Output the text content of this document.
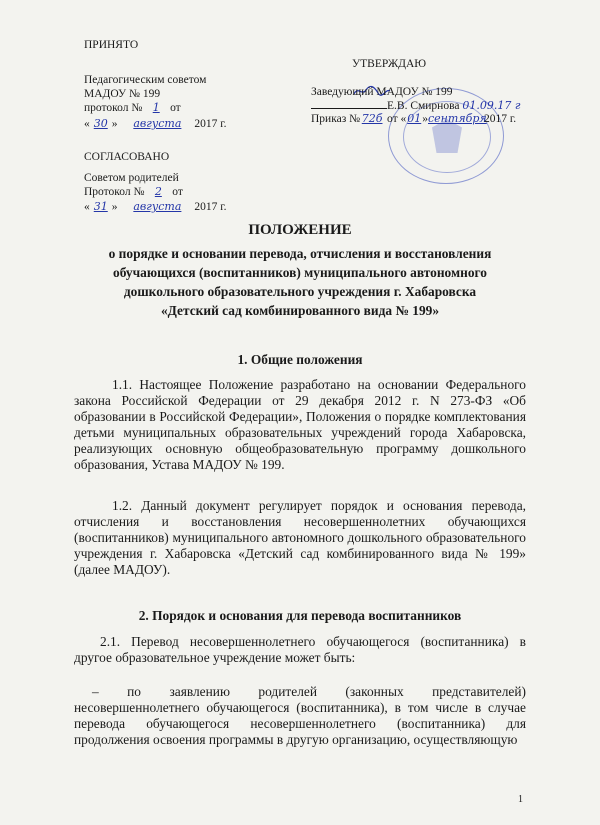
ПРИНЯТО
Педагогическим советом
МАДОУ № 199
протокол № 1 от
« 30 » августа 2017 г.
СОГЛАСОВАНО
Советом родителей
Протокол № 2 от
« 31 » августа 2017 г.
УТВЕРЖДАЮ
Заведующий МАДОУ № 199
Е.В. Смирнова 01.09.17 г
Приказ № 72б от «01»сентября2017 г.
ПОЛОЖЕНИЕ
о порядке и основании перевода, отчисления и восстановления
обучающихся (воспитанников) муниципального автономного
дошкольного образовательного учреждения г. Хабаровска
«Детский сад комбинированного вида № 199»
1. Общие положения
1.1. Настоящее Положение разработано на основании Федерального закона Российской Федерации от 29 декабря 2012 г. N 273-ФЗ «Об образовании в Российской Федерации», Положения о порядке комплектования детьми муниципальных образовательных учреждений города Хабаровска, реализующих основную общеобразовательную программу дошкольного образования, Устава МАДОУ № 199.
1.2. Данный документ регулирует порядок и основания перевода, отчисления и восстановления несовершеннолетних обучающихся (воспитанников) муниципального автономного дошкольного образовательного учреждения г. Хабаровска «Детский сад комбинированного вида № 199» (далее МАДОУ).
2. Порядок и основания для перевода воспитанников
2.1. Перевод несовершеннолетнего обучающегося (воспитанника) в другое образовательное учреждение может быть:
– по заявлению родителей (законных представителей) несовершеннолетнего обучающегося (воспитанника), в том числе в случае перевода обучающегося несовершеннолетнего (воспитанника) для продолжения освоения программы в другую организацию, осуществляющую
1
